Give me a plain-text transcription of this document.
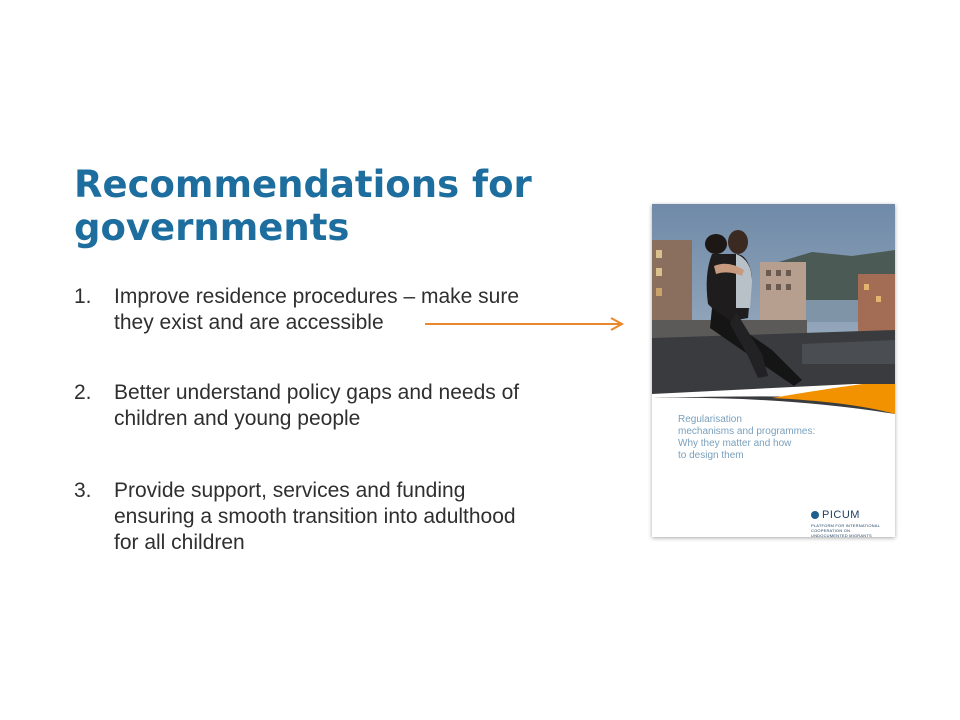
Recommendations for governments
1.	Improve residence procedures – make sure
they exist and are accessible
2.	Better understand policy gaps and needs of
children and young people
3.	Provide support, services and funding
ensuring a smooth transition into adulthood
for all children
Regularisation
mechanisms and programmes:
Why they matter and how
to design them
PICUM
PLATFORM FOR INTERNATIONAL COOPERATION ON
UNDOCUMENTED MIGRANTS
